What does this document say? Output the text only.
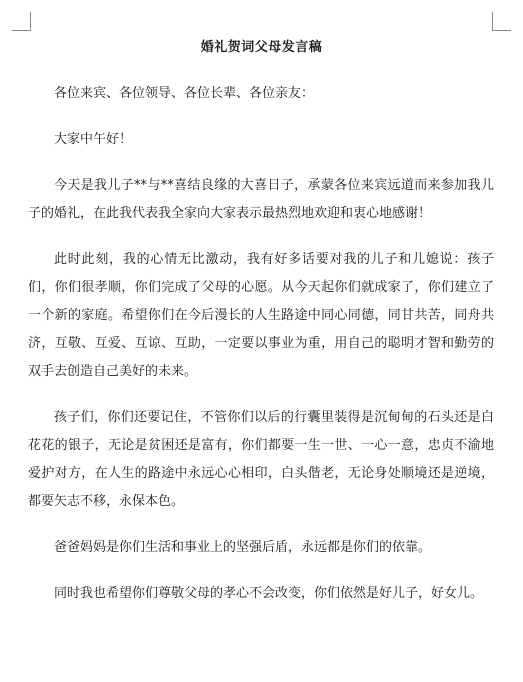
婚礼贺词父母发言稿

各位来宾、各位领导、各位长辈、各位亲友：

大家中午好！

今天是我儿子**与**喜结良缘的大喜日子，承蒙各位来宾远道而来参加我儿子的婚礼，在此我代表我全家向大家表示最热烈地欢迎和衷心地感谢！

此时此刻，我的心情无比激动，我有好多话要对我的儿子和儿媳说：孩子们，你们很孝顺，你们完成了父母的心愿。从今天起你们就成家了，你们建立了一个新的家庭。希望你们在今后漫长的人生路途中同心同德，同甘共苦，同舟共济，互敬、互爱、互谅、互助，一定要以事业为重，用自己的聪明才智和勤劳的双手去创造自己美好的未来。

孩子们，你们还要记住，不管你们以后的行囊里装得是沉甸甸的石头还是白花花的银子，无论是贫困还是富有，你们都要一生一世、一心一意，忠贞不渝地爱护对方，在人生的路途中永远心心相印，白头偕老，无论身处顺境还是逆境，都要矢志不移，永保本色。

爸爸妈妈是你们生活和事业上的坚强后盾，永远都是你们的依靠。

同时我也希望你们尊敬父母的孝心不会改变，你们依然是好儿子，好女儿。
